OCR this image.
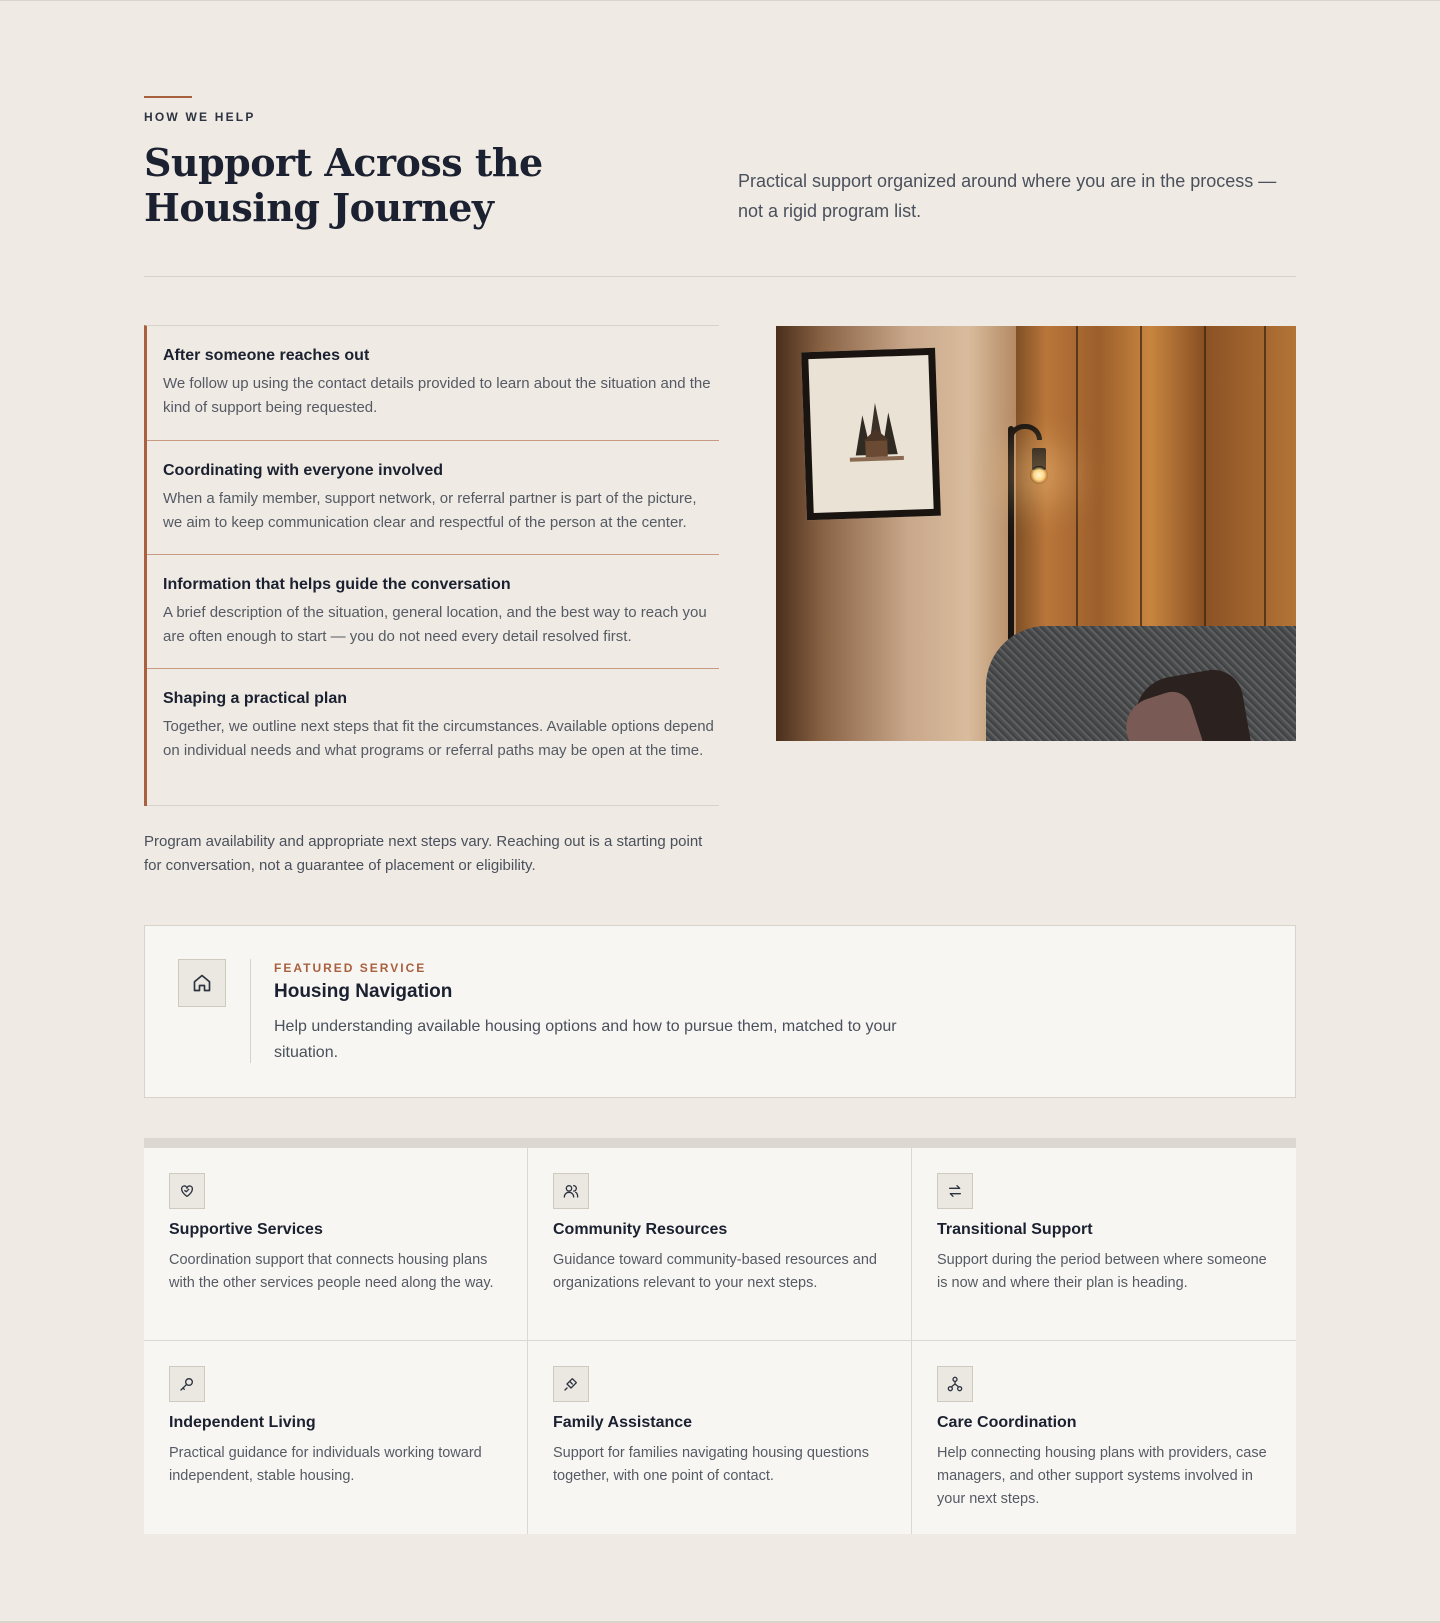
HOW WE HELP
Support Across the Housing Journey

Practical support organized around where you are in the process — not a rigid program list.

After someone reaches out

We follow up using the contact details provided to learn about the situation and the kind of support being requested.

Coordinating with everyone involved

When a family member, support network, or referral partner is part of the picture, we aim to keep communication clear and respectful of the person at the center.

Information that helps guide the conversation

A brief description of the situation, general location, and the best way to reach you are often enough to start — you do not need every detail resolved first.

Shaping a practical plan

Together, we outline next steps that fit the circumstances. Available options depend on individual needs and what programs or referral paths may be open at the time.

Program availability and appropriate next steps vary. Reaching out is a starting point for conversation, not a guarantee of placement or eligibility.

FEATURED SERVICE
Housing Navigation

Help understanding available housing options and how to pursue them, matched to your situation.

Supportive Services

Coordination support that connects housing plans with the other services people need along the way.

Community Resources

Guidance toward community-based resources and organizations relevant to your next steps.

Transitional Support

Support during the period between where someone is now and where their plan is heading.

Independent Living

Practical guidance for individuals working toward independent, stable housing.

Family Assistance

Support for families navigating housing questions together, with one point of contact.

Care Coordination

Help connecting housing plans with providers, case managers, and other support systems involved in your next steps.
